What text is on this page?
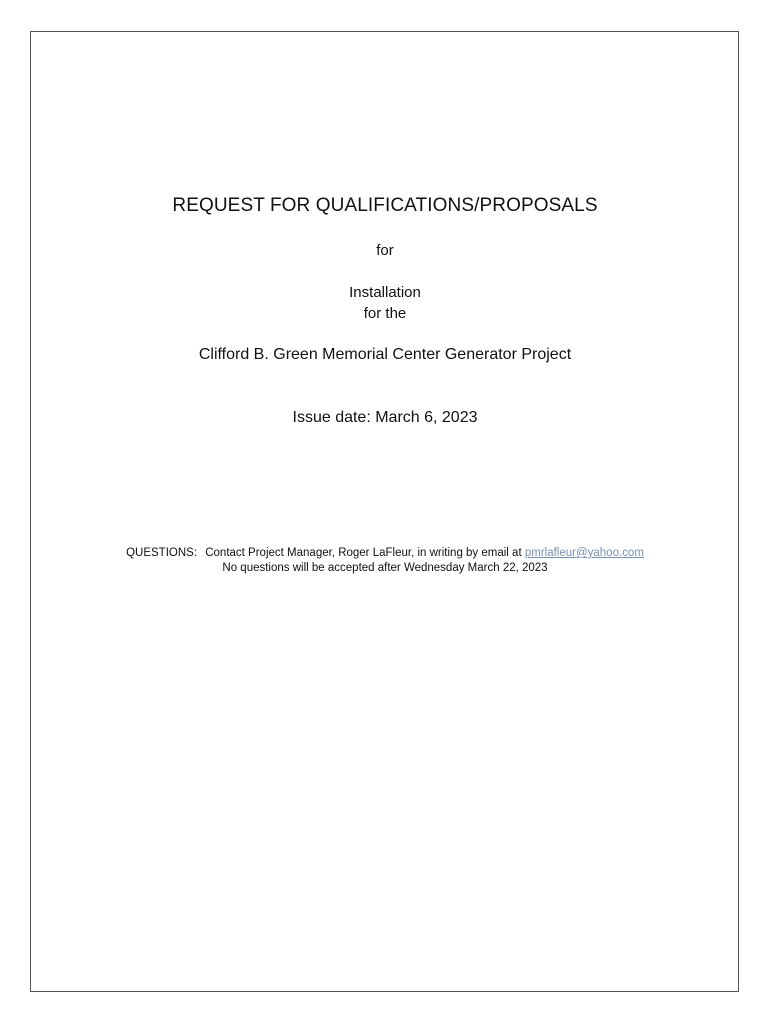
REQUEST FOR QUALIFICATIONS/PROPOSALS
for
Installation
for the
Clifford B. Green Memorial Center Generator Project
Issue date: March 6, 2023
QUESTIONS: Contact Project Manager, Roger LaFleur, in writing by email at pmrlafleur@yahoo.com
No questions will be accepted after Wednesday March 22, 2023
